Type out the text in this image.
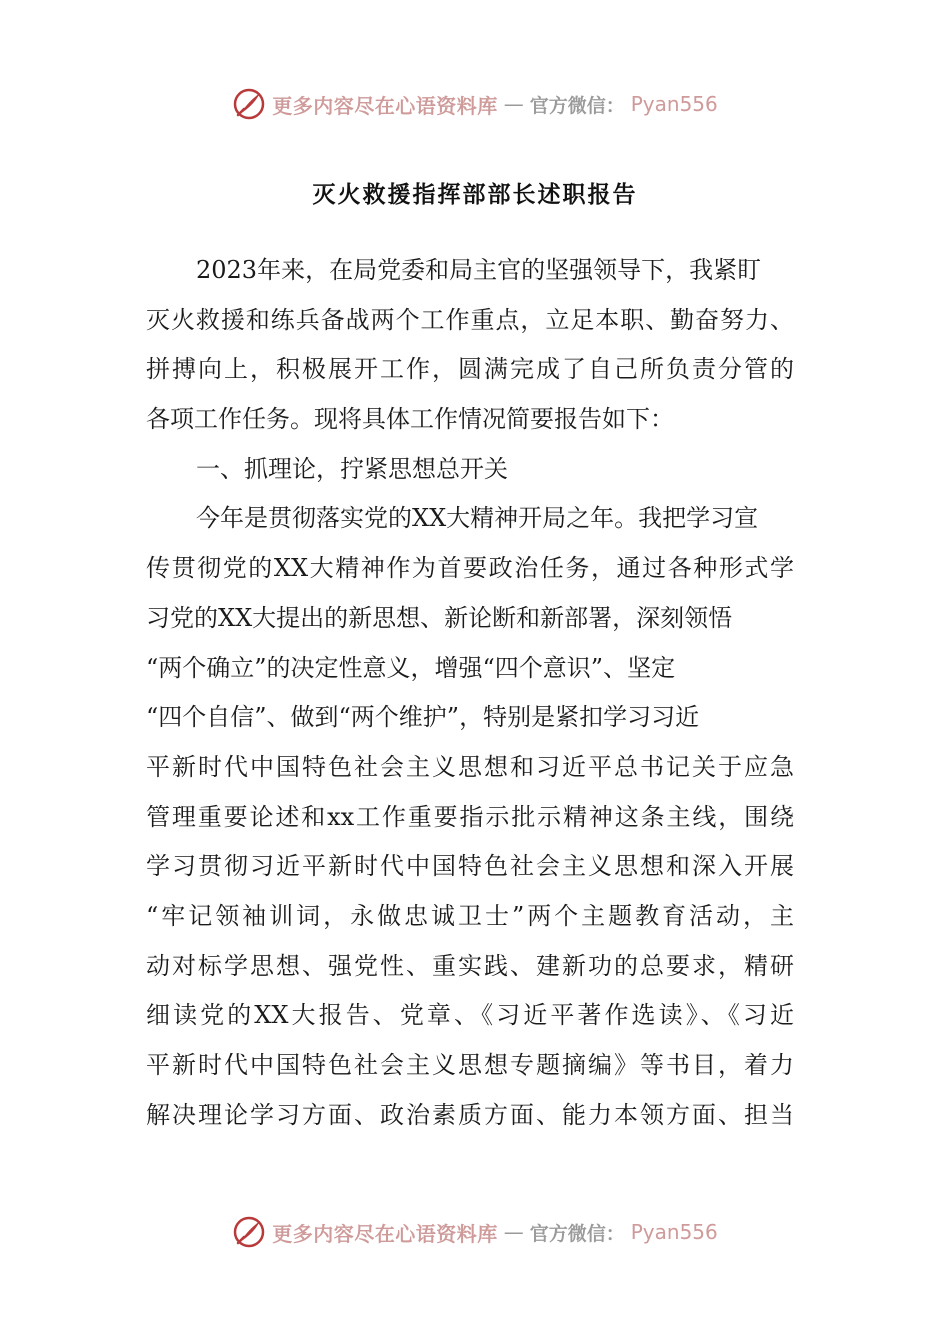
更多内容尽在心语资料库 — 官方微信： Pyan556
灭火救援指挥部部长述职报告
2023年来，在局党委和局主官的坚强领导下，我紧盯
灭火救援和练兵备战两个工作重点，立足本职、勤奋努力、
拼搏向上，积极展开工作，圆满完成了自己所负责分管的
各项工作任务。现将具体工作情况简要报告如下：
一、抓理论，拧紧思想总开关
今年是贯彻落实党的XX大精神开局之年。我把学习宣
传贯彻党的XX大精神作为首要政治任务，通过各种形式学
习党的XX大提出的新思想、新论断和新部署，深刻领悟
“两个确立”的决定性意义，增强“四个意识”、坚定
“四个自信”、做到“两个维护”，特别是紧扣学习习近
平新时代中国特色社会主义思想和习近平总书记关于应急
管理重要论述和xx工作重要指示批示精神这条主线，围绕
学习贯彻习近平新时代中国特色社会主义思想和深入开展
“牢记领袖训词，永做忠诚卫士”两个主题教育活动，主
动对标学思想、强党性、重实践、建新功的总要求，精研
细读党的XX大报告、党章、《习近平著作选读》、《习近
平新时代中国特色社会主义思想专题摘编》等书目，着力
解决理论学习方面、政治素质方面、能力本领方面、担当
更多内容尽在心语资料库 — 官方微信： Pyan556
